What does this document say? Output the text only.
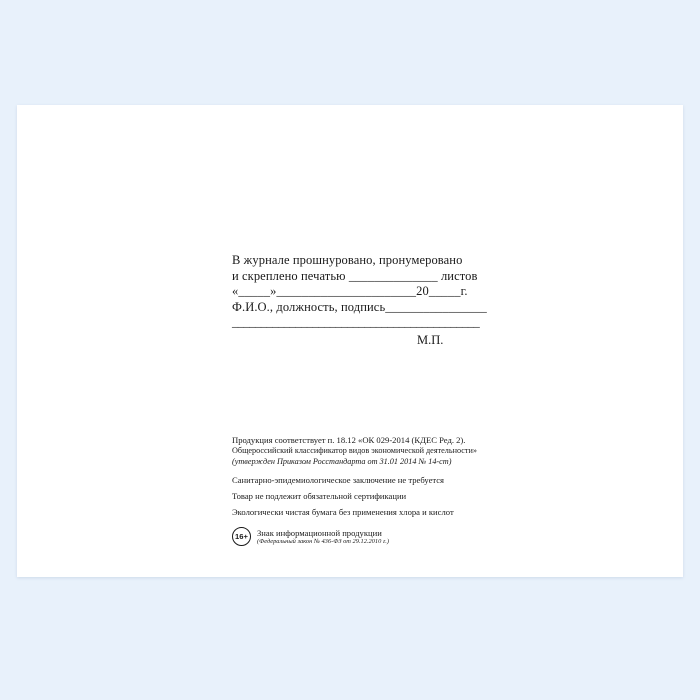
В журнале прошнуровано, пронумеровано
и скреплено печатью ______________ листов
«_____»______________________20_____г.
Ф.И.О., должность, подпись________________
___________________________________________
М.П.
Продукция соответствует п. 18.12 «ОК 029-2014 (КДЕС Ред. 2).
Общероссийский классификатор видов экономической деятельности»
(утвержден Приказом Росстандарта от 31.01 2014 № 14-ст)
Санитарно-эпидемиологическое заключение не требуется
Товар не подлежит обязательной сертификации
Экологически чистая бумага без применения хлора и кислот
16+	Знак информационной продукции
(Федеральный закон № 436-ФЗ от 29.12.2010 г.)
